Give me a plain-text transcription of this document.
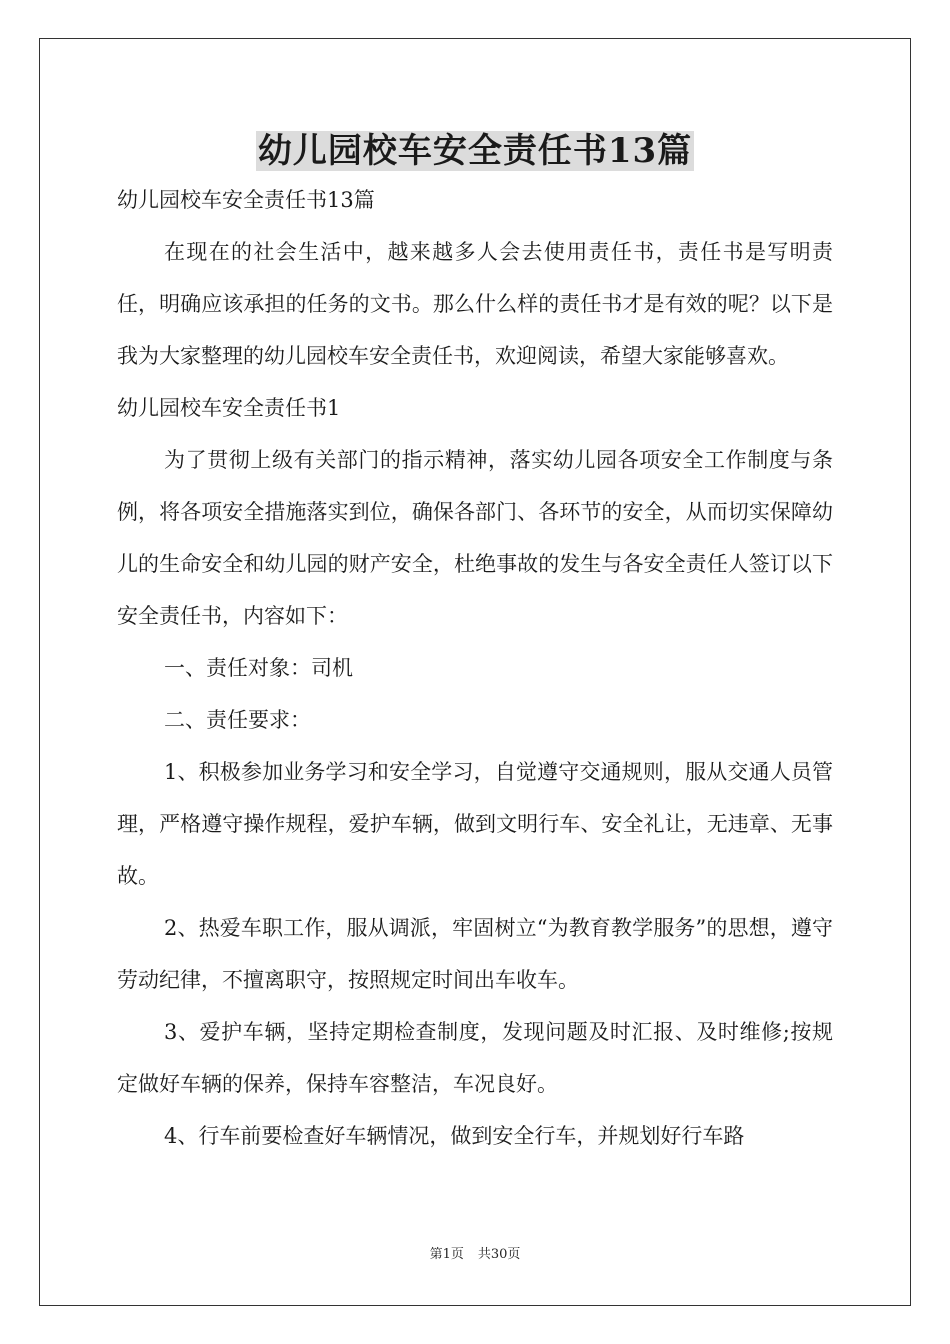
幼儿园校车安全责任书13篇

幼儿园校车安全责任书13篇

在现在的社会生活中，越来越多人会去使用责任书，责任书是写明责任，明确应该承担的任务的文书。那么什么样的责任书才是有效的呢？以下是我为大家整理的幼儿园校车安全责任书，欢迎阅读，希望大家能够喜欢。

幼儿园校车安全责任书1

为了贯彻上级有关部门的指示精神，落实幼儿园各项安全工作制度与条例，将各项安全措施落实到位，确保各部门、各环节的安全，从而切实保障幼儿的生命安全和幼儿园的财产安全，杜绝事故的发生与各安全责任人签订以下安全责任书，内容如下：

一、责任对象：司机

二、责任要求：

1、积极参加业务学习和安全学习，自觉遵守交通规则，服从交通人员管理，严格遵守操作规程，爱护车辆，做到文明行车、安全礼让，无违章、无事故。

2、热爱车职工作，服从调派，牢固树立“为教育教学服务”的思想，遵守劳动纪律，不擅离职守，按照规定时间出车收车。

3、爱护车辆，坚持定期检查制度，发现问题及时汇报、及时维修;按规定做好车辆的保养，保持车容整洁，车况良好。

4、行车前要检查好车辆情况，做到安全行车，并规划好行车路

第1页 共30页
